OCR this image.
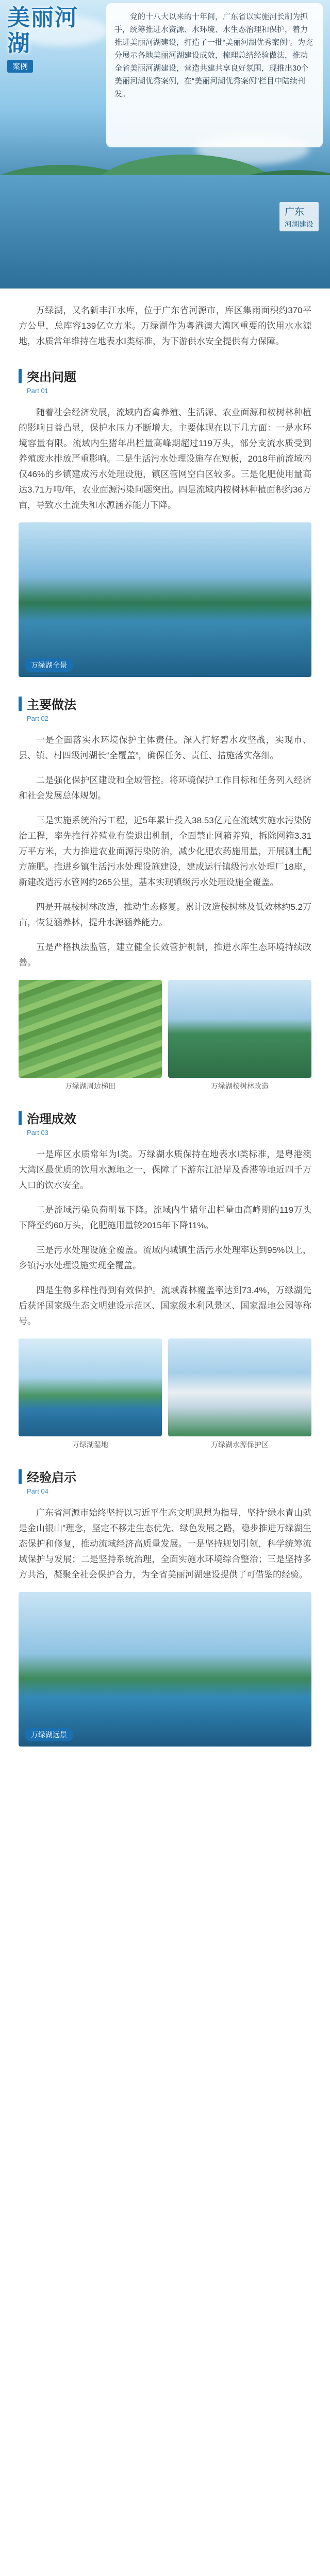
美丽河湖
案例

党的十八大以来的十年间，广东省以实施河长制为抓手，统筹推进水资源、水环境、水生态治理和保护，着力推进美丽河湖建设，打造了一批“美丽河湖优秀案例”。为充分展示各地美丽河湖建设成效，梳理总结经验做法，推动全省美丽河湖建设，营造共建共享良好氛围，现推出30个美丽河湖优秀案例，在“美丽河湖优秀案例”栏目中陆续刊发。

广东
河湖建设

万绿湖，又名新丰江水库，位于广东省河源市，库区集雨面积约370平方公里，总库容139亿立方米。万绿湖作为粤港澳大湾区重要的饮用水水源地，水质常年维持在地表水Ⅰ类标准，为下游供水安全提供有力保障。

突出问题
Part 01

随着社会经济发展，流域内畜禽养殖、生活源、农业面源和桉树林种植的影响日益凸显，保护水压力不断增大。主要体现在以下几方面：一是水环境容量有限。流域内生猪年出栏量高峰期超过119万头，部分支流水质受到养殖废水排放严重影响。二是生活污水处理设施存在短板，2018年前流域内仅46%的乡镇建成污水处理设施，镇区管网空白区较多。三是化肥使用量高达3.71万吨/年，农业面源污染问题突出。四是流域内桉树林种植面积约36万亩，导致水土流失和水源涵养能力下降。

万绿湖全景
主要做法
Part 02

一是全面落实水环境保护主体责任。深入打好碧水攻坚战，实现市、县、镇、村四级河湖长“全覆盖”，确保任务、责任、措施落实落细。

二是强化保护区建设和全域管控。将环境保护工作目标和任务列入经济和社会发展总体规划。

三是实施系统治污工程，近5年累计投入38.53亿元在流域实施水污染防治工程，率先推行养殖业有偿退出机制，全面禁止网箱养殖，拆除网箱3.31万平方米，大力推进农业面源污染防治，减少化肥农药施用量，开展测土配方施肥。推进乡镇生活污水处理设施建设，建成运行镇级污水处理厂18座，新建改造污水管网约265公里，基本实现镇级污水处理设施全覆盖。

四是开展桉树林改造，推动生态修复。累计改造桉树林及低效林约5.2万亩，恢复涵养林，提升水源涵养能力。

五是严格执法监管，建立健全长效管护机制，推进水库生态环境持续改善。

万绿湖周边梯田	万绿湖桉树林改造
治理成效
Part 03

一是库区水质常年为Ⅰ类。万绿湖水质保持在地表水Ⅰ类标准，是粤港澳大湾区最优质的饮用水源地之一，保障了下游东江沿岸及香港等地近四千万人口的饮水安全。

二是流域污染负荷明显下降。流域内生猪年出栏量由高峰期的119万头下降至约60万头，化肥施用量较2015年下降11%。

三是污水处理设施全覆盖。流域内城镇生活污水处理率达到95%以上，乡镇污水处理设施实现全覆盖。

四是生物多样性得到有效保护。流域森林覆盖率达到73.4%，万绿湖先后获评国家级生态文明建设示范区、国家级水利风景区、国家湿地公园等称号。

万绿湖湿地	万绿湖水源保护区
经验启示
Part 04

广东省河源市始终坚持以习近平生态文明思想为指导，坚持“绿水青山就是金山银山”理念，坚定不移走生态优先、绿色发展之路，稳步推进万绿湖生态保护和修复，推动流域经济高质量发展。一是坚持规划引领，科学统筹流域保护与发展；二是坚持系统治理，全面实施水环境综合整治；三是坚持多方共治，凝聚全社会保护合力，为全省美丽河湖建设提供了可借鉴的经验。

万绿湖远景
